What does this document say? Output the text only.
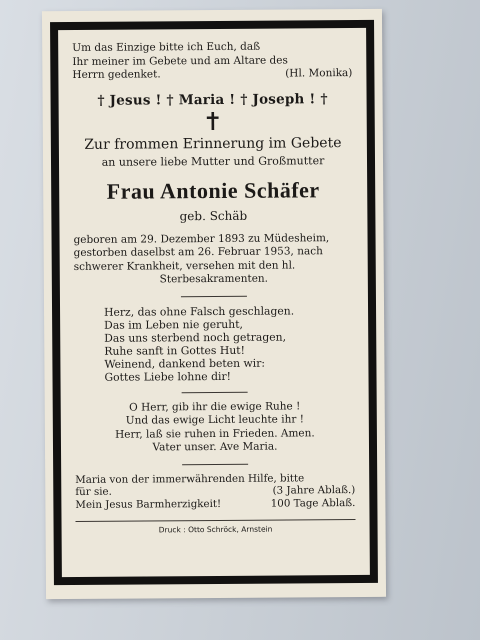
Um das Einzige bitte ich Euch, daß
Ihr meiner im Gebete und am Altare des
Herrn gedenket.	(Hl. Monika)
† Jesus ! † Maria ! † Joseph ! †
Zur frommen Erinnerung im Gebete
an unsere liebe Mutter und Großmutter
Frau Antonie Schäfer
geb. Schäb
geboren am 29. Dezember 1893 zu Müdesheim,
gestorben daselbst am 26. Februar 1953, nach
schwerer Krankheit, versehen mit den hl.
Sterbesakramenten.
Herz, das ohne Falsch geschlagen.
Das im Leben nie geruht,
Das uns sterbend noch getragen,
Ruhe sanft in Gottes Hut!
Weinend, dankend beten wir:
Gottes Liebe lohne dir!
O Herr, gib ihr die ewige Ruhe !
Und das ewige Licht leuchte ihr !
Herr, laß sie ruhen in Frieden. Amen.
Vater unser. Ave Maria.
Maria von der immerwährenden Hilfe, bitte
für sie.	(3 Jahre Ablaß.)
Mein Jesus Barmherzigkeit!	100 Tage Ablaß.
Druck : Otto Schröck, Arnstein
